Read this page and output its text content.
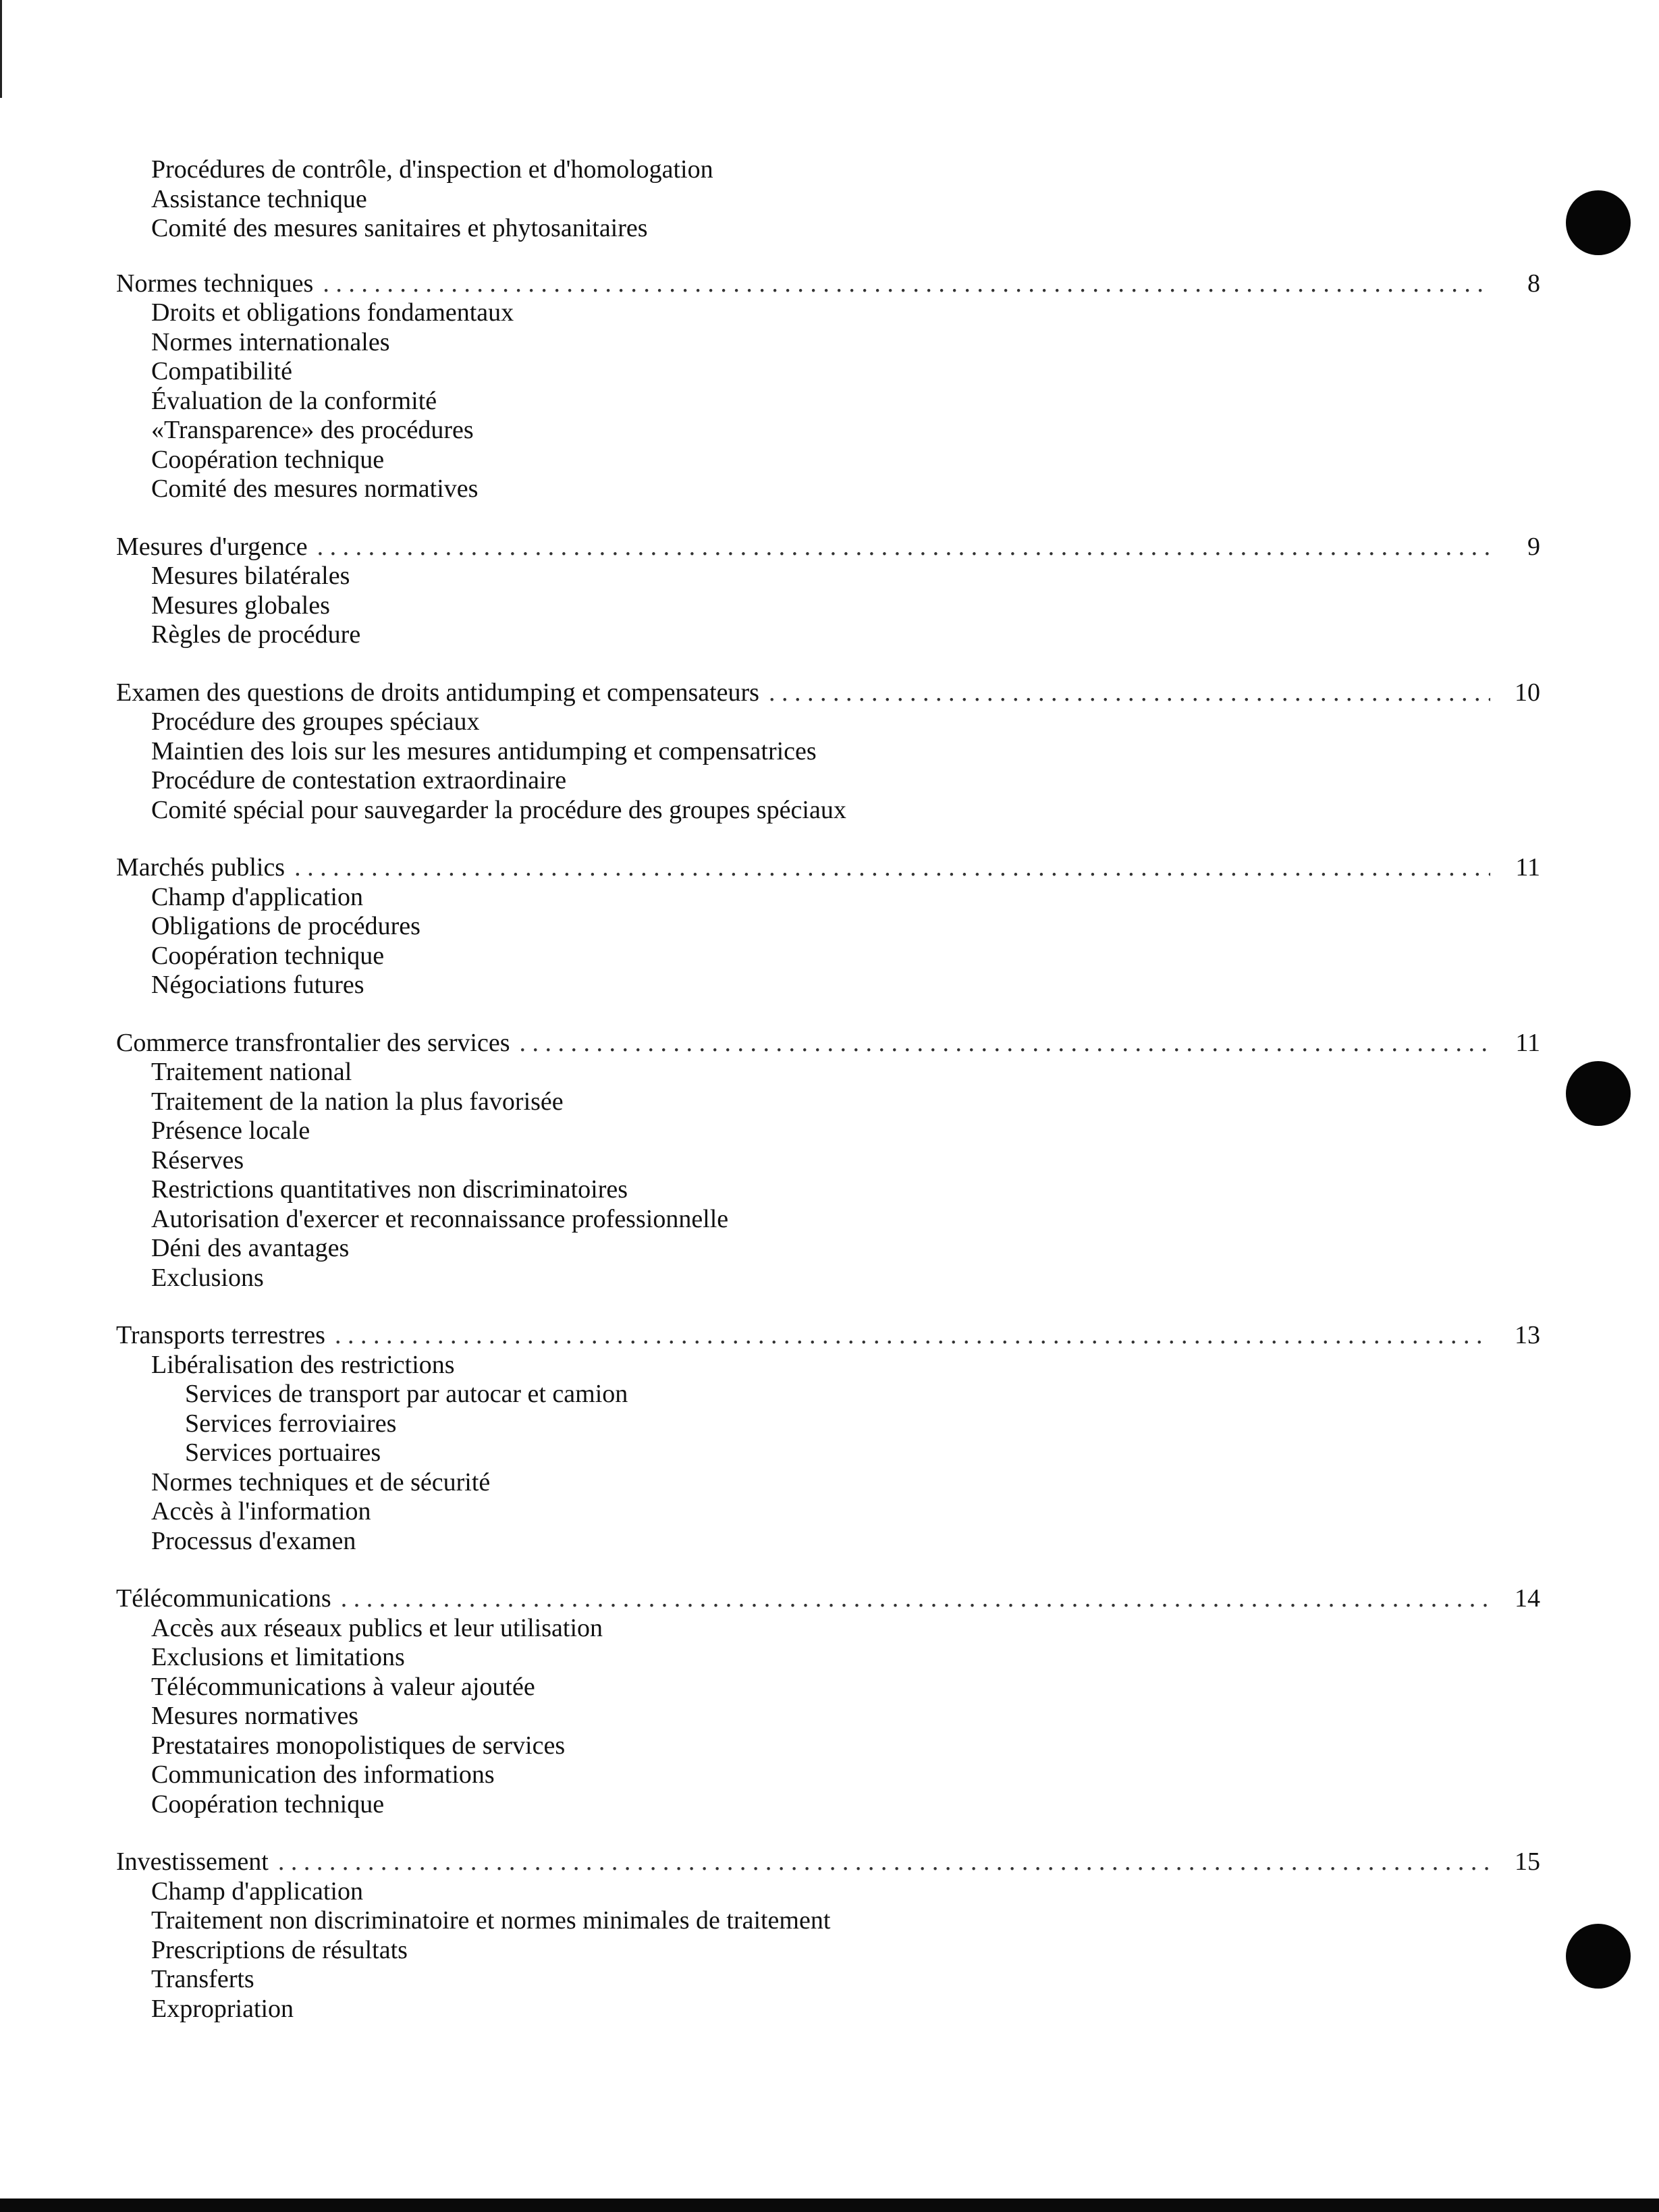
Procédures de contrôle, d'inspection et d'homologation
Assistance technique
Comité des mesures sanitaires et phytosanitaires
Normes techniques . . .	8
Droits et obligations fondamentaux
Normes internationales
Compatibilité
Évaluation de la conformité
«Transparence» des procédures
Coopération technique
Comité des mesures normatives
Mesures d'urgence . . .	9
Mesures bilatérales
Mesures globales
Règles de procédure
Examen des questions de droits antidumping et compensateurs . . .	10
Procédure des groupes spéciaux
Maintien des lois sur les mesures antidumping et compensatrices
Procédure de contestation extraordinaire
Comité spécial pour sauvegarder la procédure des groupes spéciaux
Marchés publics . . .	11
Champ d'application
Obligations de procédures
Coopération technique
Négociations futures
Commerce transfrontalier des services . . .	11
Traitement national
Traitement de la nation la plus favorisée
Présence locale
Réserves
Restrictions quantitatives non discriminatoires
Autorisation d'exercer et reconnaissance professionnelle
Déni des avantages
Exclusions
Transports terrestres . . .	13
Libéralisation des restrictions
Services de transport par autocar et camion
Services ferroviaires
Services portuaires
Normes techniques et de sécurité
Accès à l'information
Processus d'examen
Télécommunications . . .	14
Accès aux réseaux publics et leur utilisation
Exclusions et limitations
Télécommunications à valeur ajoutée
Mesures normatives
Prestataires monopolistiques de services
Communication des informations
Coopération technique
Investissement . . .	15
Champ d'application
Traitement non discriminatoire et normes minimales de traitement
Prescriptions de résultats
Transferts
Expropriation
